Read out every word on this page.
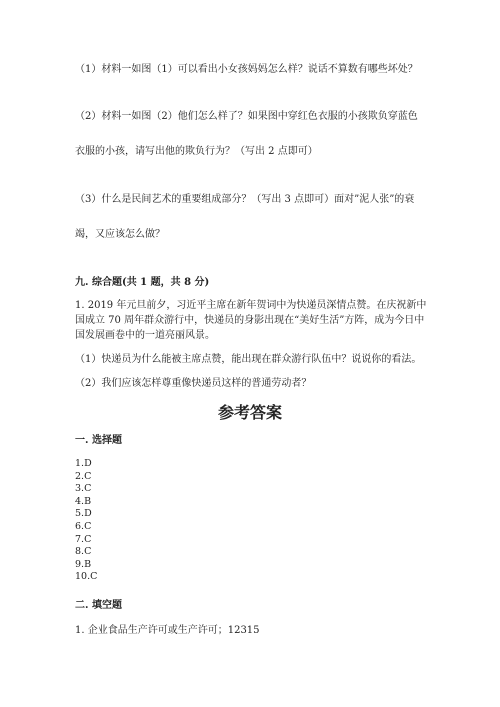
（1）材料一如图（1）可以看出小女孩妈妈怎么样？说话不算数有哪些坏处？
（2）材料一如图（2）他们怎么样了？如果图中穿红色衣服的小孩欺负穿蓝色
衣服的小孩，请写出他的欺负行为？（写出 2 点即可）
（3）什么是民间艺术的重要组成部分？（写出 3 点即可）面对”泥人张”的衰
竭，又应该怎么做？
九. 综合题(共 1 题，共 8 分)
1. 2019 年元旦前夕，习近平主席在新年贺词中为快递员深情点赞。在庆祝新中国成立 70 周年群众游行中，快递员的身影出现在“美好生活”方阵，成为今日中国发展画卷中的一道亮丽风景。
（1）快递员为什么能被主席点赞，能出现在群众游行队伍中？说说你的看法。
（2）我们应该怎样尊重像快递员这样的普通劳动者？
参考答案
一. 选择题
1.D
2.C
3.C
4.B
5.D
6.C
7.C
8.C
9.B
10.C
二. 填空题
1. 企业食品生产许可或生产许可；12315
